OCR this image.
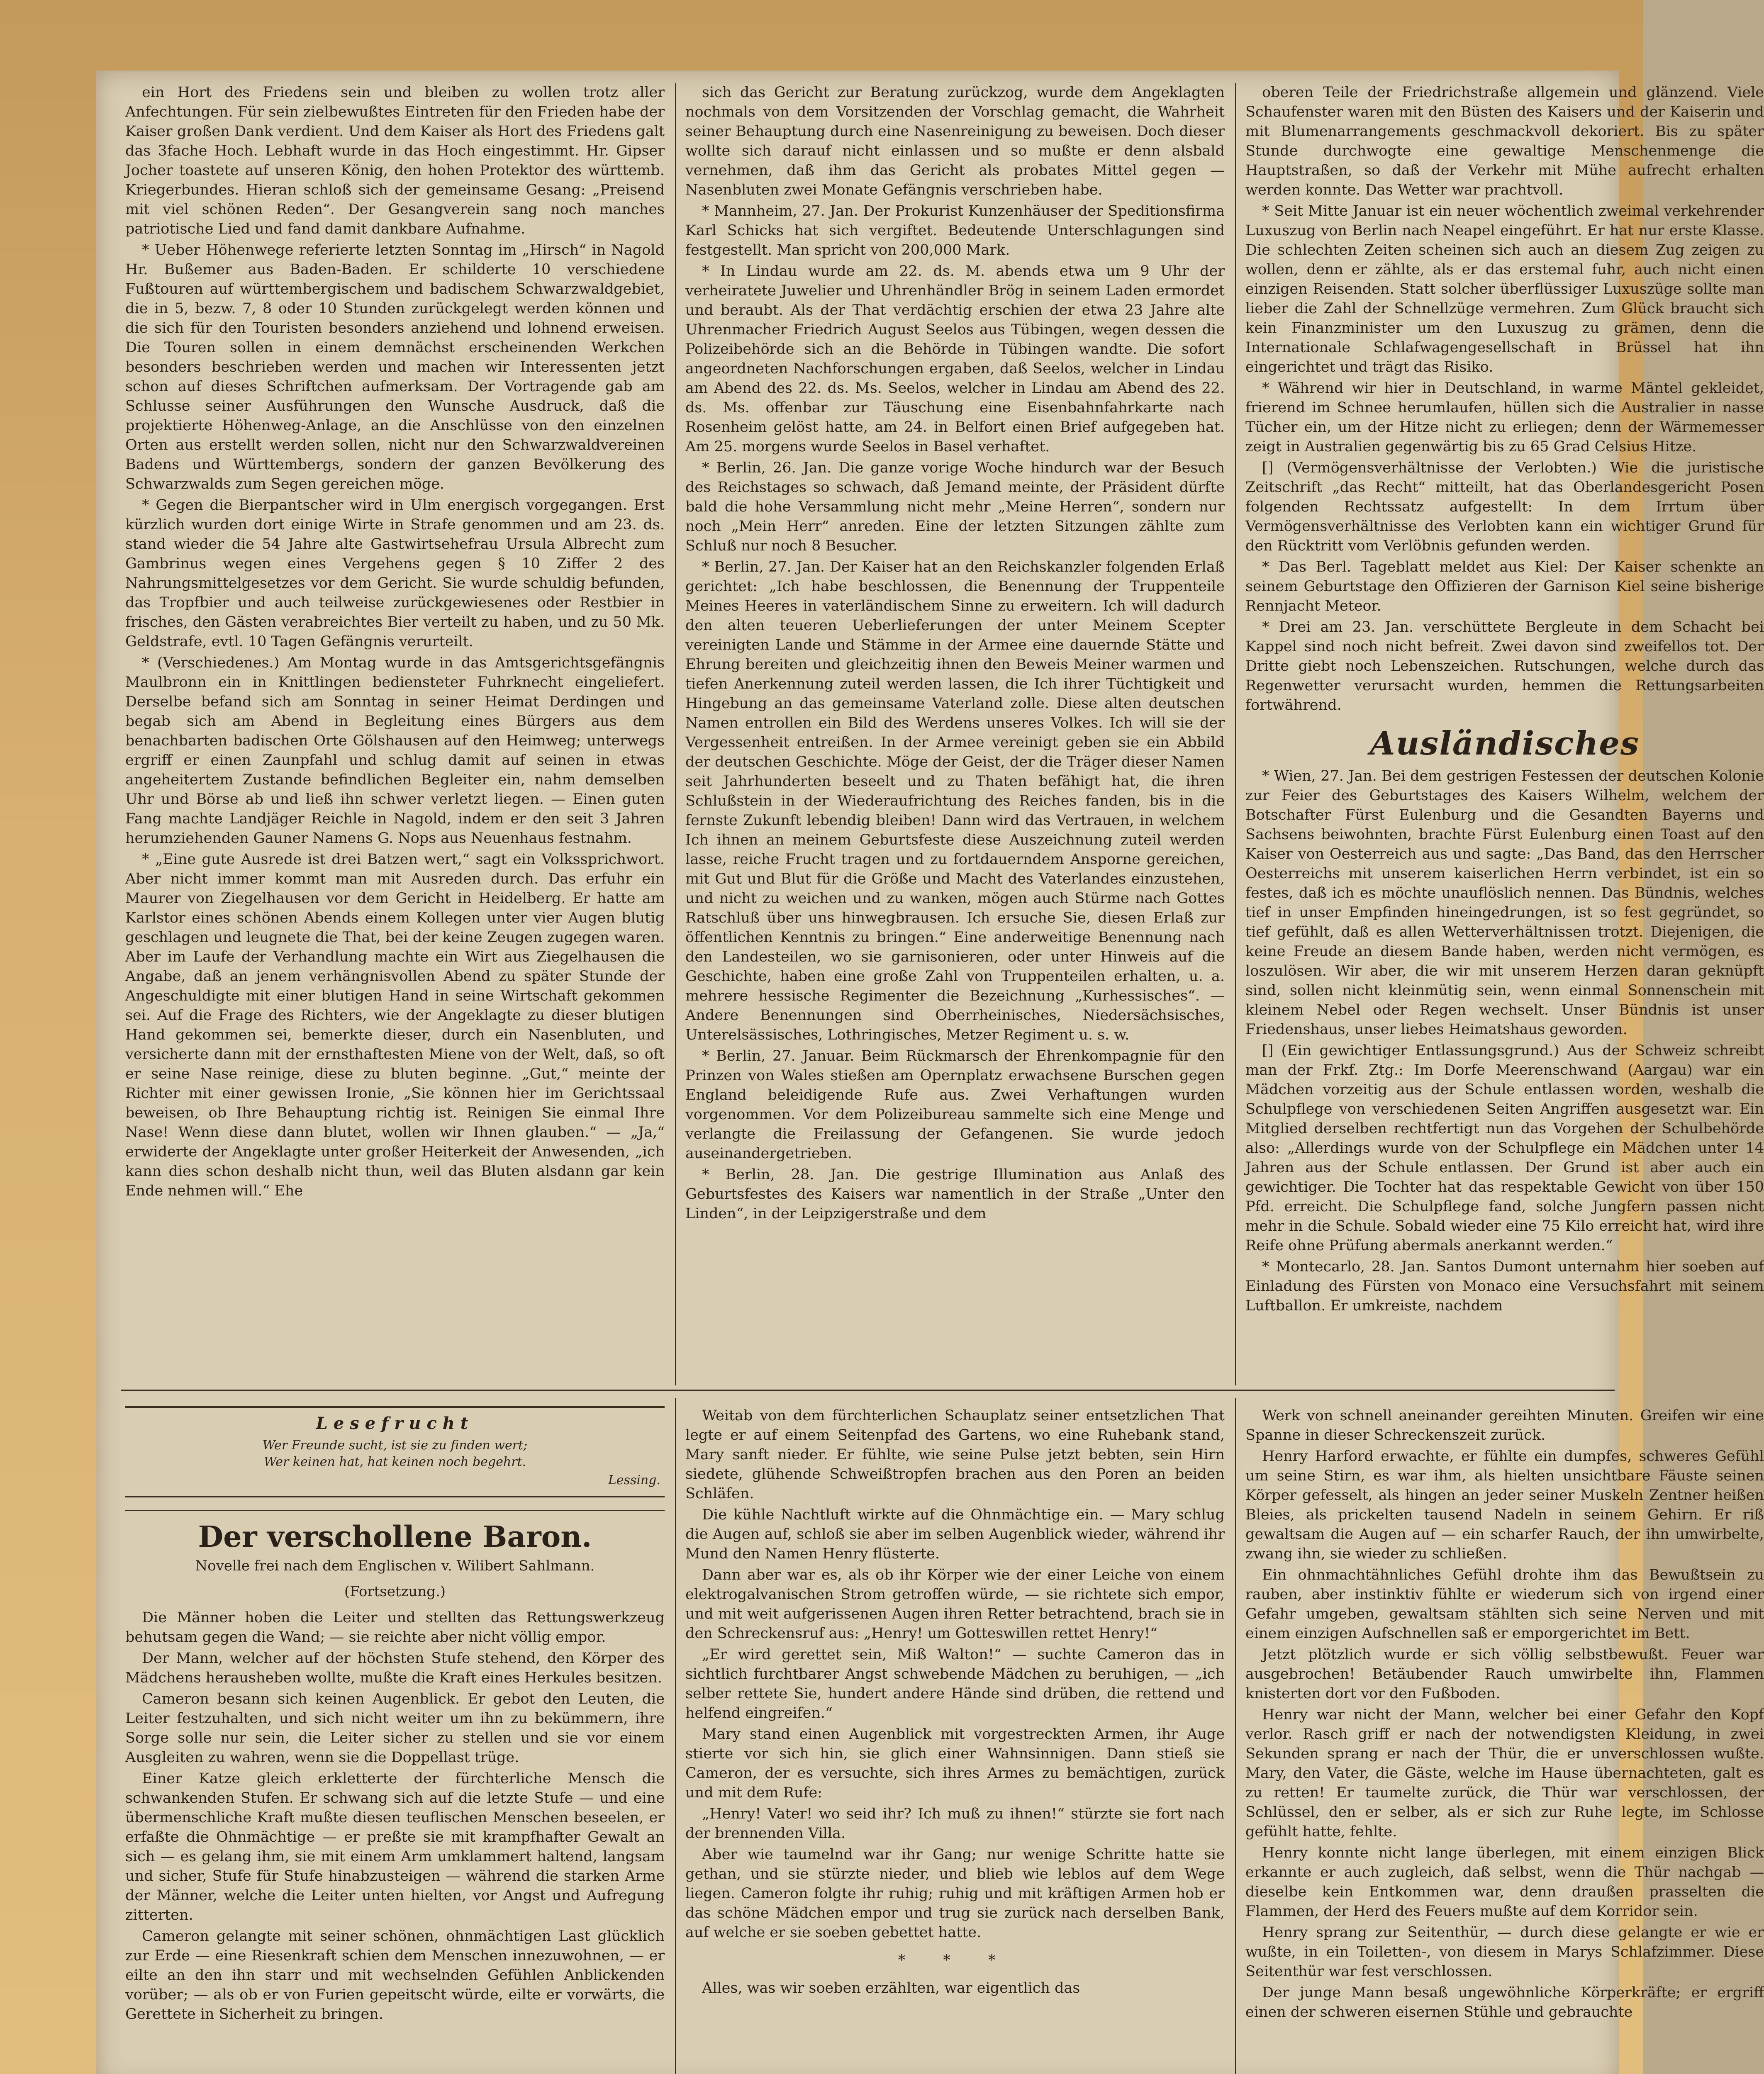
ein Hort des Friedens sein und bleiben zu wollen trotz aller Anfechtungen. Für sein zielbewußtes Eintreten für den Frieden habe der Kaiser großen Dank verdient. Und dem Kaiser als Hort des Friedens galt das 3fache Hoch. Lebhaft wurde in das Hoch eingestimmt. Hr. Gipser Jocher toastete auf unseren König, den hohen Protektor des württemb. Kriegerbundes. Hieran schloß sich der gemeinsame Gesang: „Preisend mit viel schönen Reden“. Der Gesangverein sang noch manches patriotische Lied und fand damit dankbare Aufnahme.

* Ueber Höhenwege referierte letzten Sonntag im „Hirsch“ in Nagold Hr. Bußemer aus Baden-Baden. Er schilderte 10 verschiedene Fußtouren auf württembergischem und badischem Schwarzwaldgebiet, die in 5, bezw. 7, 8 oder 10 Stunden zurückgelegt werden können und die sich für den Touristen besonders anziehend und lohnend erweisen. Die Touren sollen in einem demnächst erscheinenden Werkchen besonders beschrieben werden und machen wir Interessenten jetzt schon auf dieses Schriftchen aufmerksam. Der Vortragende gab am Schlusse seiner Ausführungen den Wunsche Ausdruck, daß die projektierte Höhenweg-Anlage, an die Anschlüsse von den einzelnen Orten aus erstellt werden sollen, nicht nur den Schwarzwaldvereinen Badens und Württembergs, sondern der ganzen Bevölkerung des Schwarzwalds zum Segen gereichen möge.

* Gegen die Bierpantscher wird in Ulm energisch vorgegangen. Erst kürzlich wurden dort einige Wirte in Strafe genommen und am 23. ds. stand wieder die 54 Jahre alte Gastwirtsehefrau Ursula Albrecht zum Gambrinus wegen eines Vergehens gegen § 10 Ziffer 2 des Nahrungsmittelgesetzes vor dem Gericht. Sie wurde schuldig befunden, das Tropfbier und auch teilweise zurückgewiesenes oder Restbier in frisches, den Gästen verabreichtes Bier verteilt zu haben, und zu 50 Mk. Geldstrafe, evtl. 10 Tagen Gefängnis verurteilt.

* (Verschiedenes.) Am Montag wurde in das Amtsgerichtsgefängnis Maulbronn ein in Knittlingen bediensteter Fuhrknecht eingeliefert. Derselbe befand sich am Sonntag in seiner Heimat Derdingen und begab sich am Abend in Begleitung eines Bürgers aus dem benachbarten badischen Orte Gölshausen auf den Heimweg; unterwegs ergriff er einen Zaunpfahl und schlug damit auf seinen in etwas angeheitertem Zustande befindlichen Begleiter ein, nahm demselben Uhr und Börse ab und ließ ihn schwer verletzt liegen. — Einen guten Fang machte Landjäger Reichle in Nagold, indem er den seit 3 Jahren herumziehenden Gauner Namens G. Nops aus Neuenhaus festnahm.

* „Eine gute Ausrede ist drei Batzen wert,“ sagt ein Volkssprichwort. Aber nicht immer kommt man mit Ausreden durch. Das erfuhr ein Maurer von Ziegelhausen vor dem Gericht in Heidelberg. Er hatte am Karlstor eines schönen Abends einem Kollegen unter vier Augen blutig geschlagen und leugnete die That, bei der keine Zeugen zugegen waren. Aber im Laufe der Verhandlung machte ein Wirt aus Ziegelhausen die Angabe, daß an jenem verhängnisvollen Abend zu später Stunde der Angeschuldigte mit einer blutigen Hand in seine Wirtschaft gekommen sei. Auf die Frage des Richters, wie der Angeklagte zu dieser blutigen Hand gekommen sei, bemerkte dieser, durch ein Nasenbluten, und versicherte dann mit der ernsthaftesten Miene von der Welt, daß, so oft er seine Nase reinige, diese zu bluten beginne. „Gut,“ meinte der Richter mit einer gewissen Ironie, „Sie können hier im Gerichtssaal beweisen, ob Ihre Behauptung richtig ist. Reinigen Sie einmal Ihre Nase! Wenn diese dann blutet, wollen wir Ihnen glauben.“ — „Ja,“ erwiderte der Angeklagte unter großer Heiterkeit der Anwesenden, „ich kann dies schon deshalb nicht thun, weil das Bluten alsdann gar kein Ende nehmen will.“ Ehe

sich das Gericht zur Beratung zurückzog, wurde dem Angeklagten nochmals von dem Vorsitzenden der Vorschlag gemacht, die Wahrheit seiner Behauptung durch eine Nasenreinigung zu beweisen. Doch dieser wollte sich darauf nicht einlassen und so mußte er denn alsbald vernehmen, daß ihm das Gericht als probates Mittel gegen — Nasenbluten zwei Monate Gefängnis verschrieben habe.

* Mannheim, 27. Jan. Der Prokurist Kunzenhäuser der Speditionsfirma Karl Schicks hat sich vergiftet. Bedeutende Unterschlagungen sind festgestellt. Man spricht von 200,000 Mark.

* In Lindau wurde am 22. ds. M. abends etwa um 9 Uhr der verheiratete Juwelier und Uhrenhändler Brög in seinem Laden ermordet und beraubt. Als der That verdächtig erschien der etwa 23 Jahre alte Uhrenmacher Friedrich August Seelos aus Tübingen, wegen dessen die Polizeibehörde sich an die Behörde in Tübingen wandte. Die sofort angeordneten Nachforschungen ergaben, daß Seelos, welcher in Lindau am Abend des 22. ds. Ms. Seelos, welcher in Lindau am Abend des 22. ds. Ms. offenbar zur Täuschung eine Eisenbahnfahrkarte nach Rosenheim gelöst hatte, am 24. in Belfort einen Brief aufgegeben hat. Am 25. morgens wurde Seelos in Basel verhaftet.

* Berlin, 26. Jan. Die ganze vorige Woche hindurch war der Besuch des Reichstages so schwach, daß Jemand meinte, der Präsident dürfte bald die hohe Versammlung nicht mehr „Meine Herren“, sondern nur noch „Mein Herr“ anreden. Eine der letzten Sitzungen zählte zum Schluß nur noch 8 Besucher.

* Berlin, 27. Jan. Der Kaiser hat an den Reichskanzler folgenden Erlaß gerichtet: „Ich habe beschlossen, die Benennung der Truppenteile Meines Heeres in vaterländischem Sinne zu erweitern. Ich will dadurch den alten teueren Ueberlieferungen der unter Meinem Scepter vereinigten Lande und Stämme in der Armee eine dauernde Stätte und Ehrung bereiten und gleichzeitig ihnen den Beweis Meiner warmen und tiefen Anerkennung zuteil werden lassen, die Ich ihrer Tüchtigkeit und Hingebung an das gemeinsame Vaterland zolle. Diese alten deutschen Namen entrollen ein Bild des Werdens unseres Volkes. Ich will sie der Vergessenheit entreißen. In der Armee vereinigt geben sie ein Abbild der deutschen Geschichte. Möge der Geist, der die Träger dieser Namen seit Jahrhunderten beseelt und zu Thaten befähigt hat, die ihren Schlußstein in der Wiederaufrichtung des Reiches fanden, bis in die fernste Zukunft lebendig bleiben! Dann wird das Vertrauen, in welchem Ich ihnen an meinem Geburtsfeste diese Auszeichnung zuteil werden lasse, reiche Frucht tragen und zu fortdauerndem Ansporne gereichen, mit Gut und Blut für die Größe und Macht des Vaterlandes einzustehen, und nicht zu weichen und zu wanken, mögen auch Stürme nach Gottes Ratschluß über uns hinwegbrausen. Ich ersuche Sie, diesen Erlaß zur öffentlichen Kenntnis zu bringen.“ Eine anderweitige Benennung nach den Landesteilen, wo sie garnisonieren, oder unter Hinweis auf die Geschichte, haben eine große Zahl von Truppenteilen erhalten, u. a. mehrere hessische Regimenter die Bezeichnung „Kurhessisches“. — Andere Benennungen sind Oberrheinisches, Niedersächsisches, Unterelsässisches, Lothringisches, Metzer Regiment u. s. w.

* Berlin, 27. Januar. Beim Rückmarsch der Ehrenkompagnie für den Prinzen von Wales stießen am Opernplatz erwachsene Burschen gegen England beleidigende Rufe aus. Zwei Verhaftungen wurden vorgenommen. Vor dem Polizeibureau sammelte sich eine Menge und verlangte die Freilassung der Gefangenen. Sie wurde jedoch auseinandergetrieben.

* Berlin, 28. Jan. Die gestrige Illumination aus Anlaß des Geburtsfestes des Kaisers war namentlich in der Straße „Unter den Linden“, in der Leipzigerstraße und dem

oberen Teile der Friedrichstraße allgemein und glänzend. Viele Schaufenster waren mit den Büsten des Kaisers und der Kaiserin und mit Blumenarrangements geschmackvoll dekoriert. Bis zu später Stunde durchwogte eine gewaltige Menschenmenge die Hauptstraßen, so daß der Verkehr mit Mühe aufrecht erhalten werden konnte. Das Wetter war prachtvoll.

* Seit Mitte Januar ist ein neuer wöchentlich zweimal verkehrender Luxuszug von Berlin nach Neapel eingeführt. Er hat nur erste Klasse. Die schlechten Zeiten scheinen sich auch an diesem Zug zeigen zu wollen, denn er zählte, als er das erstemal fuhr, auch nicht einen einzigen Reisenden. Statt solcher überflüssiger Luxuszüge sollte man lieber die Zahl der Schnellzüge vermehren. Zum Glück braucht sich kein Finanzminister um den Luxuszug zu grämen, denn die Internationale Schlafwagengesellschaft in Brüssel hat ihn eingerichtet und trägt das Risiko.

* Während wir hier in Deutschland, in warme Mäntel gekleidet, frierend im Schnee herumlaufen, hüllen sich die Australier in nasse Tücher ein, um der Hitze nicht zu erliegen; denn der Wärmemesser zeigt in Australien gegenwärtig bis zu 65 Grad Celsius Hitze.

[] (Vermögensverhältnisse der Verlobten.) Wie die juristische Zeitschrift „das Recht“ mitteilt, hat das Oberlandesgericht Posen folgenden Rechtssatz aufgestellt: In dem Irrtum über Vermögensverhältnisse des Verlobten kann ein wichtiger Grund für den Rücktritt vom Verlöbnis gefunden werden.

* Das Berl. Tageblatt meldet aus Kiel: Der Kaiser schenkte an seinem Geburtstage den Offizieren der Garnison Kiel seine bisherige Rennjacht Meteor.

* Drei am 23. Jan. verschüttete Bergleute in dem Schacht bei Kappel sind noch nicht befreit. Zwei davon sind zweifellos tot. Der Dritte giebt noch Lebenszeichen. Rutschungen, welche durch das Regenwetter verursacht wurden, hemmen die Rettungsarbeiten fortwährend.

Ausländisches

* Wien, 27. Jan. Bei dem gestrigen Festessen der deutschen Kolonie zur Feier des Geburtstages des Kaisers Wilhelm, welchem der Botschafter Fürst Eulenburg und die Gesandten Bayerns und Sachsens beiwohnten, brachte Fürst Eulenburg einen Toast auf den Kaiser von Oesterreich aus und sagte: „Das Band, das den Herrscher Oesterreichs mit unserem kaiserlichen Herrn verbindet, ist ein so festes, daß ich es möchte unauflöslich nennen. Das Bündnis, welches tief in unser Empfinden hineingedrungen, ist so fest gegründet, so tief gefühlt, daß es allen Wetterverhältnissen trotzt. Diejenigen, die keine Freude an diesem Bande haben, werden nicht vermögen, es loszulösen. Wir aber, die wir mit unserem Herzen daran geknüpft sind, sollen nicht kleinmütig sein, wenn einmal Sonnenschein mit kleinem Nebel oder Regen wechselt. Unser Bündnis ist unser Friedenshaus, unser liebes Heimatshaus geworden.

[] (Ein gewichtiger Entlassungsgrund.) Aus der Schweiz schreibt man der Frkf. Ztg.: Im Dorfe Meerenschwand (Aargau) war ein Mädchen vorzeitig aus der Schule entlassen worden, weshalb die Schulpflege von verschiedenen Seiten Angriffen ausgesetzt war. Ein Mitglied derselben rechtfertigt nun das Vorgehen der Schulbehörde also: „Allerdings wurde von der Schulpflege ein Mädchen unter 14 Jahren aus der Schule entlassen. Der Grund ist aber auch ein gewichtiger. Die Tochter hat das respektable Gewicht von über 150 Pfd. erreicht. Die Schulpflege fand, solche Jungfern passen nicht mehr in die Schule. Sobald wieder eine 75 Kilo erreicht hat, wird ihre Reife ohne Prüfung abermals anerkannt werden.“

* Montecarlo, 28. Jan. Santos Dumont unternahm hier soeben auf Einladung des Fürsten von Monaco eine Versuchsfahrt mit seinem Luftballon. Er umkreiste, nachdem

Lesefrucht
Wer Freunde sucht, ist sie zu finden wert;
Wer keinen hat, hat keinen noch begehrt.
Lessing.
Der verschollene Baron.
Novelle frei nach dem Englischen v. Wilibert Sahlmann.
(Fortsetzung.)

Die Männer hoben die Leiter und stellten das Rettungswerkzeug behutsam gegen die Wand; — sie reichte aber nicht völlig empor.

Der Mann, welcher auf der höchsten Stufe stehend, den Körper des Mädchens herausheben wollte, mußte die Kraft eines Herkules besitzen.

Cameron besann sich keinen Augenblick. Er gebot den Leuten, die Leiter festzuhalten, und sich nicht weiter um ihn zu bekümmern, ihre Sorge solle nur sein, die Leiter sicher zu stellen und sie vor einem Ausgleiten zu wahren, wenn sie die Doppellast trüge.

Einer Katze gleich erkletterte der fürchterliche Mensch die schwankenden Stufen. Er schwang sich auf die letzte Stufe — und eine übermenschliche Kraft mußte diesen teuflischen Menschen beseelen, er erfaßte die Ohnmächtige — er preßte sie mit krampfhafter Gewalt an sich — es gelang ihm, sie mit einem Arm umklammert haltend, langsam und sicher, Stufe für Stufe hinabzusteigen — während die starken Arme der Männer, welche die Leiter unten hielten, vor Angst und Aufregung zitterten.

Cameron gelangte mit seiner schönen, ohnmächtigen Last glücklich zur Erde — eine Riesenkraft schien dem Menschen innezuwohnen, — er eilte an den ihn starr und mit wechselnden Gefühlen Anblickenden vorüber; — als ob er von Furien gepeitscht würde, eilte er vorwärts, die Gerettete in Sicherheit zu bringen.

Weitab von dem fürchterlichen Schauplatz seiner entsetzlichen That legte er auf einem Seitenpfad des Gartens, wo eine Ruhebank stand, Mary sanft nieder. Er fühlte, wie seine Pulse jetzt bebten, sein Hirn siedete, glühende Schweißtropfen brachen aus den Poren an beiden Schläfen.

Die kühle Nachtluft wirkte auf die Ohnmächtige ein. — Mary schlug die Augen auf, schloß sie aber im selben Augenblick wieder, während ihr Mund den Namen Henry flüsterte.

Dann aber war es, als ob ihr Körper wie der einer Leiche von einem elektrogalvanischen Strom getroffen würde, — sie richtete sich empor, und mit weit aufgerissenen Augen ihren Retter betrachtend, brach sie in den Schreckensruf aus: „Henry! um Gotteswillen rettet Henry!“

„Er wird gerettet sein, Miß Walton!“ — suchte Cameron das in sichtlich furchtbarer Angst schwebende Mädchen zu beruhigen, — „ich selber rettete Sie, hundert andere Hände sind drüben, die rettend und helfend eingreifen.“

Mary stand einen Augenblick mit vorgestreckten Armen, ihr Auge stierte vor sich hin, sie glich einer Wahnsinnigen. Dann stieß sie Cameron, der es versuchte, sich ihres Armes zu bemächtigen, zurück und mit dem Rufe:

„Henry! Vater! wo seid ihr? Ich muß zu ihnen!“ stürzte sie fort nach der brennenden Villa.

Aber wie taumelnd war ihr Gang; nur wenige Schritte hatte sie gethan, und sie stürzte nieder, und blieb wie leblos auf dem Wege liegen. Cameron folgte ihr ruhig; ruhig und mit kräftigen Armen hob er das schöne Mädchen empor und trug sie zurück nach derselben Bank, auf welche er sie soeben gebettet hatte.

* * *

Alles, was wir soeben erzählten, war eigentlich das

Werk von schnell aneinander gereihten Minuten. Greifen wir eine Spanne in dieser Schreckenszeit zurück.

Henry Harford erwachte, er fühlte ein dumpfes, schweres Gefühl um seine Stirn, es war ihm, als hielten unsichtbare Fäuste seinen Körper gefesselt, als hingen an jeder seiner Muskeln Zentner heißen Bleies, als prickelten tausend Nadeln in seinem Gehirn. Er riß gewaltsam die Augen auf — ein scharfer Rauch, der ihn umwirbelte, zwang ihn, sie wieder zu schließen.

Ein ohnmachtähnliches Gefühl drohte ihm das Bewußtsein zu rauben, aber instinktiv fühlte er wiederum sich von irgend einer Gefahr umgeben, gewaltsam stählten sich seine Nerven und mit einem einzigen Aufschnellen saß er emporgerichtet im Bett.

Jetzt plötzlich wurde er sich völlig selbstbewußt. Feuer war ausgebrochen! Betäubender Rauch umwirbelte ihn, Flammen knisterten dort vor den Fußboden.

Henry war nicht der Mann, welcher bei einer Gefahr den Kopf verlor. Rasch griff er nach der notwendigsten Kleidung, in zwei Sekunden sprang er nach der Thür, die er unverschlossen wußte. Mary, den Vater, die Gäste, welche im Hause übernachteten, galt es zu retten! Er taumelte zurück, die Thür war verschlossen, der Schlüssel, den er selber, als er sich zur Ruhe legte, im Schlosse gefühlt hatte, fehlte.

Henry konnte nicht lange überlegen, mit einem einzigen Blick erkannte er auch zugleich, daß selbst, wenn die Thür nachgab — dieselbe kein Entkommen war, denn draußen prasselten die Flammen, der Herd des Feuers mußte auf dem Korridor sein.

Henry sprang zur Seitenthür, — durch diese gelangte er wie er wußte, in ein Toiletten-, von diesem in Marys Schlafzimmer. Diese Seitenthür war fest verschlossen.

Der junge Mann besaß ungewöhnliche Körperkräfte; er ergriff einen der schweren eisernen Stühle und gebrauchte
